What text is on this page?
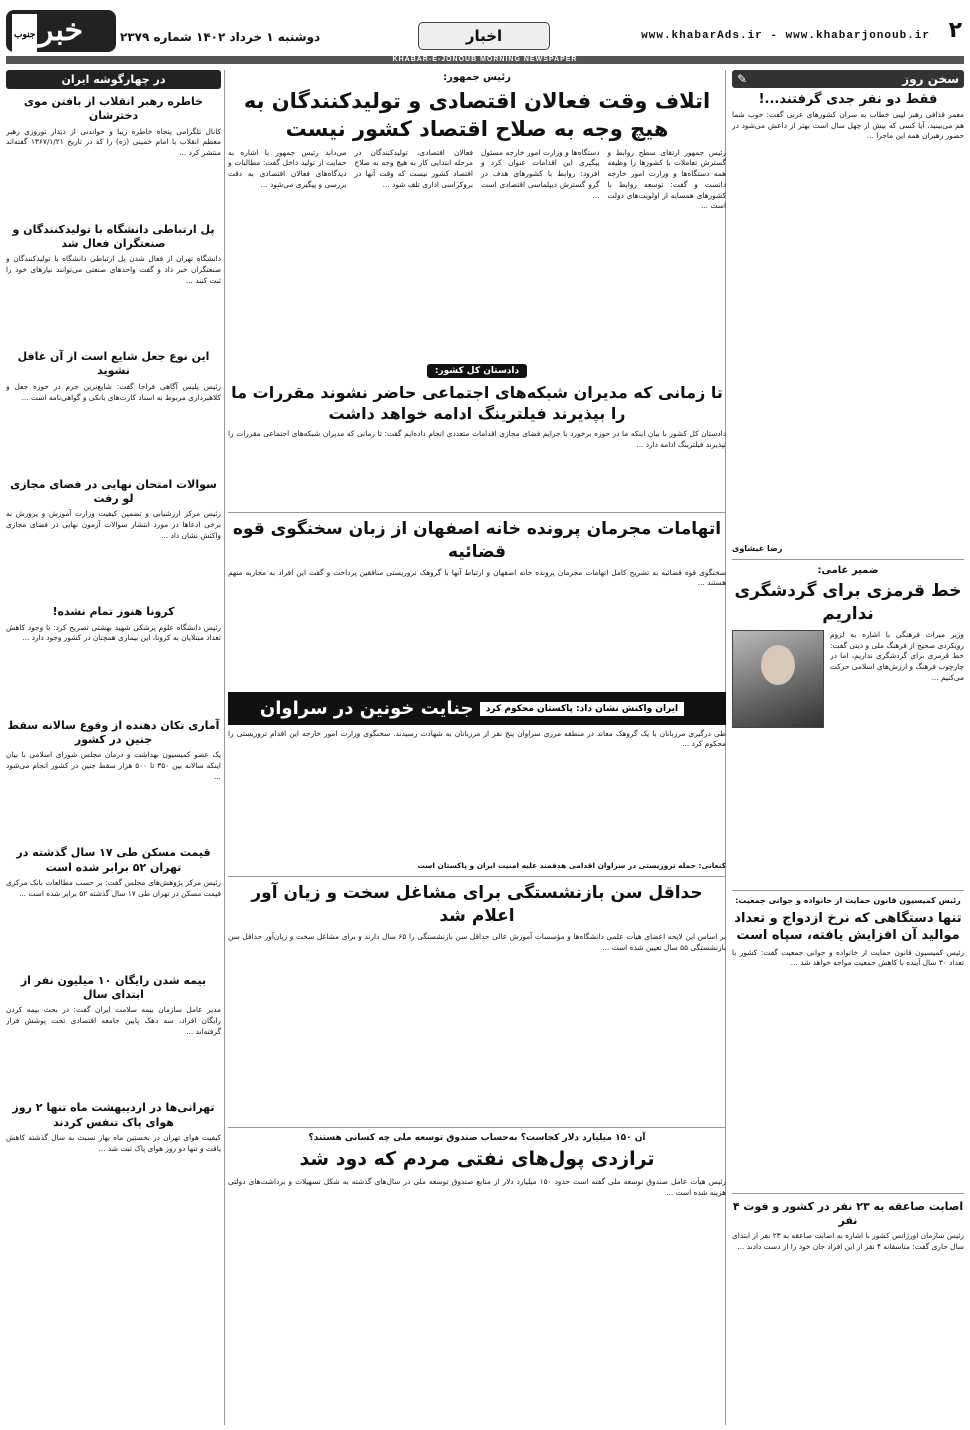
۲
www.khabarAds.ir - www.khabarjonoub.ir
اخبار
دوشنبه ۱ خرداد ۱۴۰۲ شماره ۲۳۷۹
جنوب خبر
KHABAR-E-JONOUB MORNING NEWSPAPER
سخن روز
✎
فقط دو نفر جدی گرفتند...!

معمر قذافی رهبر لیبی خطاب به سران کشورهای عربی گفت: خوب شما هم می‌بینید، آیا کسی که بیش از چهل سال است بهتر از داعش می‌شود در حضور رهبران همه این ماجرا ...

رضا غیشاوی
ضمیر غامی:
خط قرمزی برای گردشگری نداریم

وزیر میراث فرهنگی با اشاره به لزوم رویکردی صحیح از فرهنگ ملی و دینی گفت: خط قرمزی برای گردشگری نداریم، اما در چارچوب فرهنگ و ارزش‌های اسلامی حرکت می‌کنیم ...

رئیس کمیسیون قانون حمایت از خانواده و جوانی جمعیت:
تنها دستگاهی که نرخ ازدواج و تعداد موالید آن افزایش یافته، سپاه است

رئیس کمیسیون قانون حمایت از خانواده و جوانی جمعیت گفت: کشور با تعداد ۳۰ سال آینده با کاهش جمعیت مواجه خواهد شد ...

اصابت صاعقه به ۲۳ نفر در کشور و فوت ۴ نفر

رئیس سازمان اورژانس کشور با اشاره به اصابت صاعقه به ۲۳ نفر از ابتدای سال جاری گفت: متاسفانه ۴ نفر از این افراد جان خود را از دست دادند ...

در چهارگوشه ایران
خاطره رهبر انقلاب از بافتن موی دخترشان

کانال تلگرامی پنجاه خاطره زیبا و خواندنی از دیدار نوروزی رهبر معظم انقلاب با امام خمینی (ره) را که در تاریخ ۱۳۶۷/۱/۲۱ گفته‌اند منتشر کرد ...

پل ارتباطی دانشگاه با تولیدکنندگان و صنعتگران فعال شد

دانشگاه تهران از فعال شدن پل ارتباطی دانشگاه با تولیدکنندگان و صنعتگران خبر داد و گفت واحدهای صنعتی می‌توانند نیازهای خود را ثبت کنند ...

این نوع جعل شایع است از آن غافل نشوید

رئیس پلیس آگاهی فراجا گفت: شایع‌ترین جرم در حوزه جعل و کلاهبرداری مربوط به اسناد کارت‌های بانکی و گواهی‌نامه است ...

سوالات امتحان نهایی در فضای مجازی لو رفت

رئیس مرکز ارزشیابی و تضمین کیفیت وزارت آموزش و پرورش به برخی ادعاها در مورد انتشار سوالات آزمون نهایی در فضای مجازی واکنش نشان داد ...

کرونا هنوز تمام نشده!

رئیس دانشگاه علوم پزشکی شهید بهشتی تصریح کرد: با وجود کاهش تعداد مبتلایان به کرونا، این بیماری همچنان در کشور وجود دارد ...

آماری تکان دهنده از وقوع سالانه سقط جنین در کشور

یک عضو کمیسیون بهداشت و درمان مجلس شورای اسلامی با بیان اینکه سالانه بین ۳۵۰ تا ۵۰۰ هزار سقط جنین در کشور انجام می‌شود ...

قیمت مسکن طی ۱۷ سال گذشته در تهران ۵۲ برابر شده است

رئیس مرکز پژوهش‌های مجلس گفت: بر حسب مطالعات بانک مرکزی قیمت مسکن در تهران طی ۱۷ سال گذشته ۵۲ برابر شده است ...

بیمه شدن رایگان ۱۰ میلیون نفر از ابتدای سال

مدیر عامل سازمان بیمه سلامت ایران گفت: در بحث بیمه کردن رایگان افراد، سه دهک پایین جامعه اقتصادی تحت پوشش قرار گرفته‌اند ...

تهرانی‌ها در اردیبهشت ماه تنها ۲ روز هوای پاک تنفس کردند

کیفیت هوای تهران در نخستین ماه بهار نسبت به سال گذشته کاهش یافت و تنها دو روز هوای پاک ثبت شد ...

رئیس جمهور:
اتلاف وقت فعالان اقتصادی و تولیدکنندگان به هیچ وجه به صلاح اقتصاد کشور نیست

رئیس جمهور ارتقای سطح روابط و گسترش تعاملات با کشورها را وظیفه همه دستگاه‌ها و وزارت امور خارجه دانست و گفت: توسعه روابط با کشورهای همسایه از اولویت‌های دولت است ...

دستگاه‌ها و وزارت امور خارجه مسئول پیگیری این اقدامات عنوان کرد و افزود: روابط با کشورهای هدف در گرو گسترش دیپلماسی اقتصادی است ...

فعالان اقتصادی، تولیدکنندگان در مرحله ابتدایی کار به هیچ وجه به صلاح اقتصاد کشور نیست که وقت آنها در بروکراسی اداری تلف شود ...

می‌داند رئیس جمهور با اشاره به حمایت از تولید داخل گفت: مطالبات و دیدگاه‌های فعالان اقتصادی به دقت بررسی و پیگیری می‌شود ...

دادستان کل کشور:
تا زمانی که مدیران شبکه‌های اجتماعی حاضر نشوند مقررات ما را بپذیرند فیلترینگ ادامه خواهد داشت

دادستان کل کشور با بیان اینکه ما در حوزه برخورد با جرایم فضای مجازی اقدامات متعددی انجام داده‌ایم گفت: تا زمانی که مدیران شبکه‌های اجتماعی مقررات را نپذیرند فیلترینگ ادامه دارد ...

اتهامات مجرمان پرونده خانه اصفهان از زبان سخنگوی قوه قضائیه

سخنگوی قوه قضائیه به تشریح کامل اتهامات مجرمان پرونده خانه اصفهان و ارتباط آنها با گروهک تروریستی منافقین پرداخت و گفت این افراد به محاربه متهم هستند ...

ایران واکنش نشان داد: پاکستان محکوم کرد جنایت خونین در سراوان

طی درگیری مرزبانان با یک گروهک معاند در منطقه مرزی سراوان پنج نفر از مرزبانان به شهادت رسیدند. سخنگوی وزارت امور خارجه این اقدام تروریستی را محکوم کرد ...

کنعانی: حمله تروریستی در سراوان اقدامی هدفمند علیه امنیت ایران و پاکستان است

حداقل سن بازنشستگی برای مشاغل سخت و زیان آور اعلام شد

بر اساس این لایحه اعضای هیأت علمی دانشگاه‌ها و مؤسسات آموزش عالی حداقل سن بازنشستگی را ۶۵ سال دارند و برای مشاغل سخت و زیان‌آور حداقل سن بازنشستگی ۵۵ سال تعیین شده است ...

آن ۱۵۰ میلیارد دلار کجاست؟ به‌حساب صندوق توسعه ملی چه کسانی هستند؟
ترازدی پول‌های نفتی مردم که دود شد

رئیس هیأت عامل صندوق توسعه ملی گفته است حدود ۱۵۰ میلیارد دلار از منابع صندوق توسعه ملی در سال‌های گذشته به شکل تسهیلات و برداشت‌های دولتی هزینه شده است ...
